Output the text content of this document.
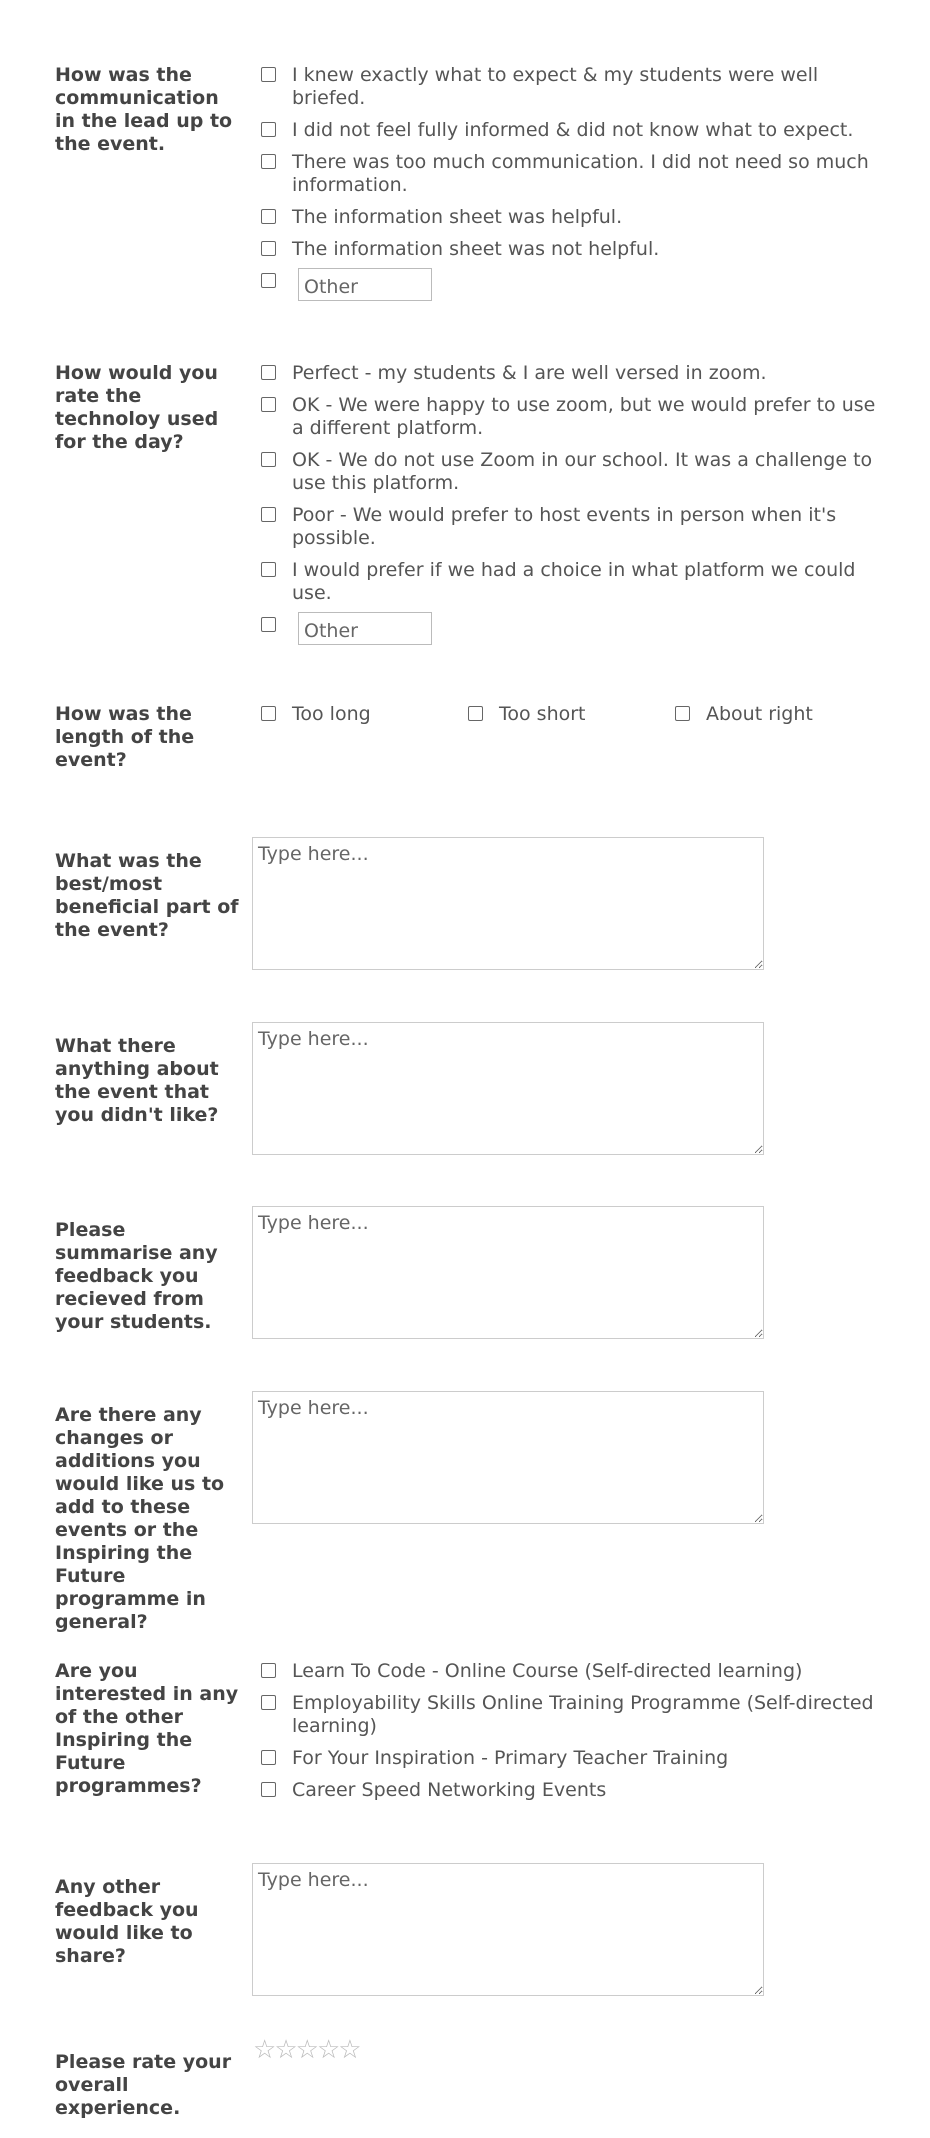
How was the communication in the lead up to the event.
I knew exactly what to expect & my students were well briefed.
I did not feel fully informed & did not know what to expect.
There was too much communication. I did not need so much information.
The information sheet was helpful.
The information sheet was not helpful.
Other
How would you rate the technoloy used for the day?
Perfect - my students & I are well versed in zoom.
OK - We were happy to use zoom, but we would prefer to use a different platform.
OK - We do not use Zoom in our school. It was a challenge to use this platform.
Poor - We would prefer to host events in person when it's possible.
I would prefer if we had a choice in what platform we could use.
Other
How was the length of the event?
Too long	Too short	About right
What was the best/most beneficial part of the event?
Type here...
What there anything about the event that you didn't like?
Type here...
Please summarise any feedback you recieved from your students.
Type here...
Are there any changes or additions you would like us to add to these events or the Inspiring the Future programme in general?
Type here...
Are you interested in any of the other Inspiring the Future programmes?
Learn To Code - Online Course (Self-directed learning)
Employability Skills Online Training Programme (Self-directed learning)
For Your Inspiration - Primary Teacher Training
Career Speed Networking Events
Any other feedback you would like to share?
Type here...
Please rate your overall experience.
☆☆☆☆☆
